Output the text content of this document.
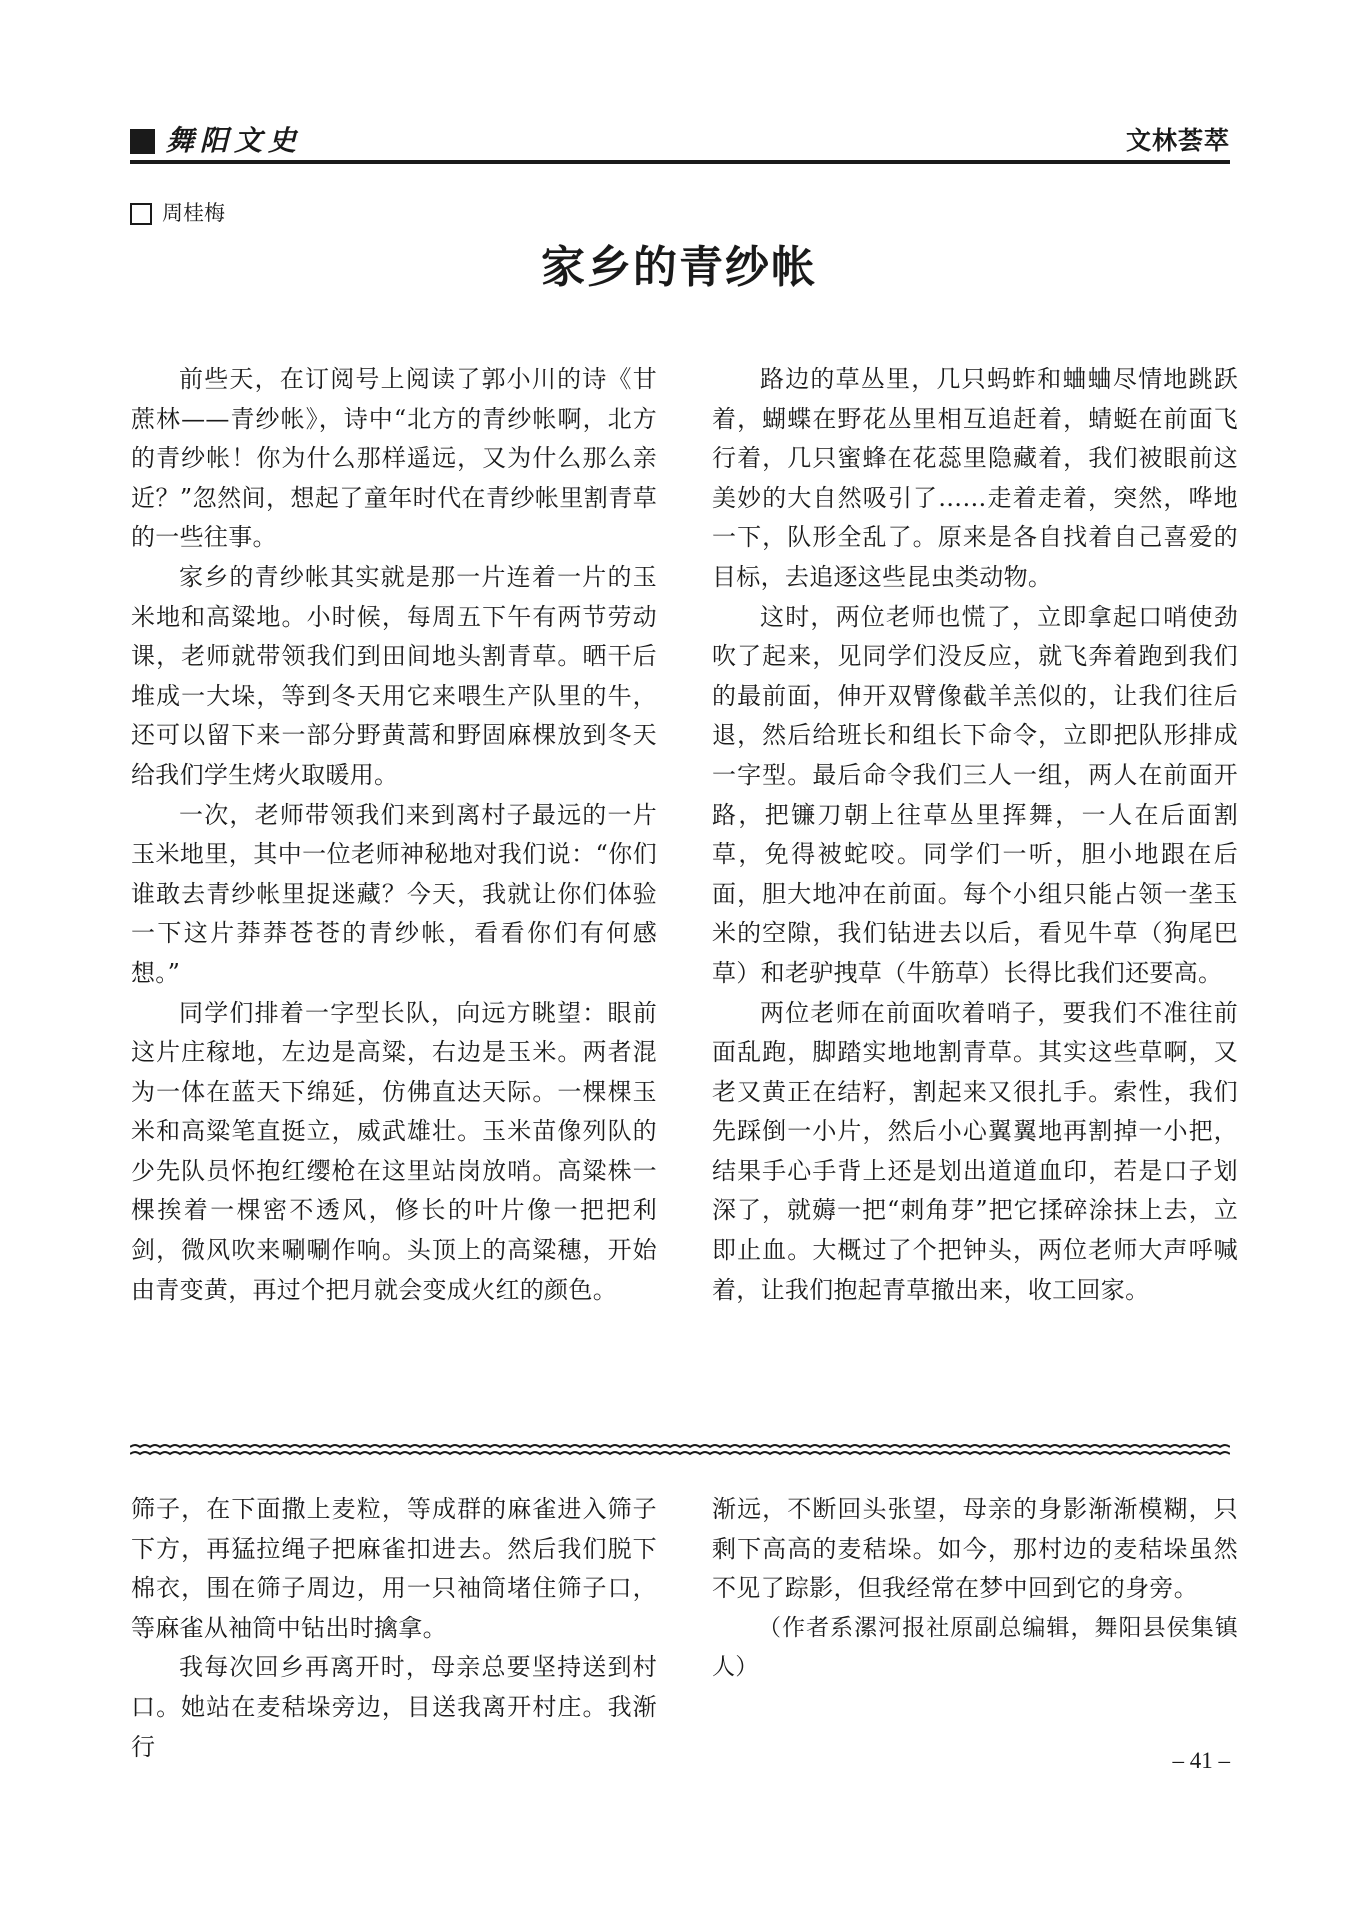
舞阳文史	文林荟萃
周桂梅
家乡的青纱帐

前些天，在订阅号上阅读了郭小川的诗《甘蔗林——青纱帐》，诗中“北方的青纱帐啊，北方的青纱帐！你为什么那样遥远，又为什么那么亲近？”忽然间，想起了童年时代在青纱帐里割青草的一些往事。

家乡的青纱帐其实就是那一片连着一片的玉米地和高粱地。小时候，每周五下午有两节劳动课，老师就带领我们到田间地头割青草。晒干后堆成一大垛，等到冬天用它来喂生产队里的牛，还可以留下来一部分野黄蒿和野固麻棵放到冬天给我们学生烤火取暖用。

一次，老师带领我们来到离村子最远的一片玉米地里，其中一位老师神秘地对我们说：“你们谁敢去青纱帐里捉迷藏？今天，我就让你们体验一下这片莽莽苍苍的青纱帐，看看你们有何感想。”

同学们排着一字型长队，向远方眺望：眼前这片庄稼地，左边是高粱，右边是玉米。两者混为一体在蓝天下绵延，仿佛直达天际。一棵棵玉米和高粱笔直挺立，威武雄壮。玉米苗像列队的少先队员怀抱红缨枪在这里站岗放哨。高粱株一棵挨着一棵密不透风，修长的叶片像一把把利剑，微风吹来唰唰作响。头顶上的高粱穗，开始由青变黄，再过个把月就会变成火红的颜色。

路边的草丛里，几只蚂蚱和蛐蛐尽情地跳跃着，蝴蝶在野花丛里相互追赶着，蜻蜓在前面飞行着，几只蜜蜂在花蕊里隐藏着，我们被眼前这美妙的大自然吸引了……走着走着，突然，哗地一下，队形全乱了。原来是各自找着自己喜爱的目标，去追逐这些昆虫类动物。

这时，两位老师也慌了，立即拿起口哨使劲吹了起来，见同学们没反应，就飞奔着跑到我们的最前面，伸开双臂像截羊羔似的，让我们往后退，然后给班长和组长下命令，立即把队形排成一字型。最后命令我们三人一组，两人在前面开路，把镰刀朝上往草丛里挥舞，一人在后面割草，免得被蛇咬。同学们一听，胆小地跟在后面，胆大地冲在前面。每个小组只能占领一垄玉米的空隙，我们钻进去以后，看见牛草（狗尾巴草）和老驴拽草（牛筋草）长得比我们还要高。

两位老师在前面吹着哨子，要我们不准往前面乱跑，脚踏实地地割青草。其实这些草啊，又老又黄正在结籽，割起来又很扎手。索性，我们先踩倒一小片，然后小心翼翼地再割掉一小把，结果手心手背上还是划出道道血印，若是口子划深了，就薅一把“刺角芽”把它揉碎涂抹上去，立即止血。大概过了个把钟头，两位老师大声呼喊着，让我们抱起青草撤出来，收工回家。

筛子，在下面撒上麦粒，等成群的麻雀进入筛子下方，再猛拉绳子把麻雀扣进去。然后我们脱下棉衣，围在筛子周边，用一只袖筒堵住筛子口，等麻雀从袖筒中钻出时擒拿。

我每次回乡再离开时，母亲总要坚持送到村口。她站在麦秸垛旁边，目送我离开村庄。我渐行

渐远，不断回头张望，母亲的身影渐渐模糊，只剩下高高的麦秸垛。如今，那村边的麦秸垛虽然不见了踪影，但我经常在梦中回到它的身旁。

（作者系漯河报社原副总编辑，舞阳县侯集镇人）

– 41 –
